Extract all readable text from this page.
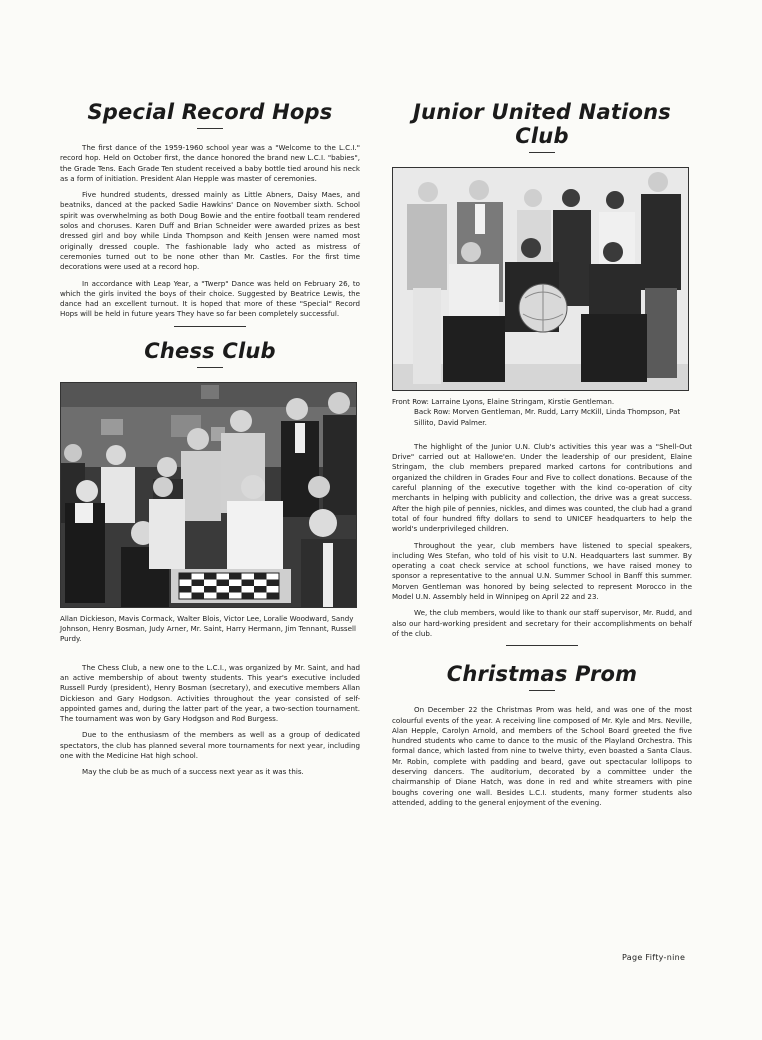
Special Record Hops

The first dance of the 1959-1960 school year was a "Welcome to the L.C.I." record hop. Held on October first, the dance honored the brand new L.C.I. "babies", the Grade Tens. Each Grade Ten student received a baby bottle tied around his neck as a form of initiation. President Alan Hepple was master of ceremonies.

Five hundred students, dressed mainly as Little Abners, Daisy Maes, and beatniks, danced at the packed Sadie Hawkins' Dance on November sixth. School spirit was overwhelming as both Doug Bowie and the entire football team rendered solos and choruses. Karen Duff and Brian Schneider were awarded prizes as best dressed girl and boy while Linda Thompson and Keith Jensen were named most originally dressed couple. The fashionable lady who acted as mistress of ceremonies turned out to be none other than Mr. Castles. For the first time decorations were used at a record hop.

In accordance with Leap Year, a "Twerp" Dance was held on February 26, to which the girls invited the boys of their choice. Suggested by Beatrice Lewis, the dance had an excellent turnout. It is hoped that more of these "Special" Record Hops will be held in future years They have so far been completely successful.

Chess Club
Allan Dickieson, Mavis Cormack, Walter Blois, Victor Lee, Loralie Woodward, Sandy Johnson, Henry Bosman, Judy Arner, Mr. Saint, Harry Hermann, Jim Tennant, Russell Purdy.

The Chess Club, a new one to the L.C.I., was organized by Mr. Saint, and had an active membership of about twenty students. This year's executive included Russell Purdy (president), Henry Bosman (secretary), and executive members Allan Dickieson and Gary Hodgson. Activities throughout the year consisted of self-appointed games and, during the latter part of the year, a two-section tournament. The tournament was won by Gary Hodgson and Rod Burgess.

Due to the enthusiasm of the members as well as a group of dedicated spectators, the club has planned several more tournaments for next year, including one with the Medicine Hat high school.

May the club be as much of a success next year as it was this.

Junior United Nations Club
Front Row: Larraine Lyons, Elaine Stringam, Kirstie Gentleman.
Back Row: Morven Gentleman, Mr. Rudd, Larry McKill, Linda Thompson, Pat Sillito, David Palmer.

The highlight of the Junior U.N. Club's activities this year was a "Shell-Out Drive" carried out at Hallowe'en. Under the leadership of our president, Elaine Stringam, the club members prepared marked cartons for contributions and organized the children in Grades Four and Five to collect donations. Because of the careful planning of the executive together with the kind co-operation of city merchants in helping with publicity and collection, the drive was a great success. After the high pile of pennies, nickles, and dimes was counted, the club had a grand total of four hundred fifty dollars to send to UNICEF headquarters to help the world's underprivileged children.

Throughout the year, club members have listened to special speakers, including Wes Stefan, who told of his visit to U.N. Headquarters last summer. By operating a coat check service at school functions, we have raised money to sponsor a representative to the annual U.N. Summer School in Banff this summer. Morven Gentleman was honored by being selected to represent Morocco in the Model U.N. Assembly held in Winnipeg on April 22 and 23.

We, the club members, would like to thank our staff supervisor, Mr. Rudd, and also our hard-working president and secretary for their accomplishments on behalf of the club.

Christmas Prom

On December 22 the Christmas Prom was held, and was one of the most colourful events of the year. A receiving line composed of Mr. Kyle and Mrs. Neville, Alan Hepple, Carolyn Arnold, and members of the School Board greeted the five hundred students who came to dance to the music of the Playland Orchestra. This formal dance, which lasted from nine to twelve thirty, even boasted a Santa Claus. Mr. Robin, complete with padding and beard, gave out spectacular lollipops to deserving dancers. The auditorium, decorated by a committee under the chairmanship of Diane Hatch, was done in red and white streamers with pine boughs covering one wall. Besides L.C.I. students, many former students also attended, adding to the general enjoyment of the evening.

Page Fifty-nine
